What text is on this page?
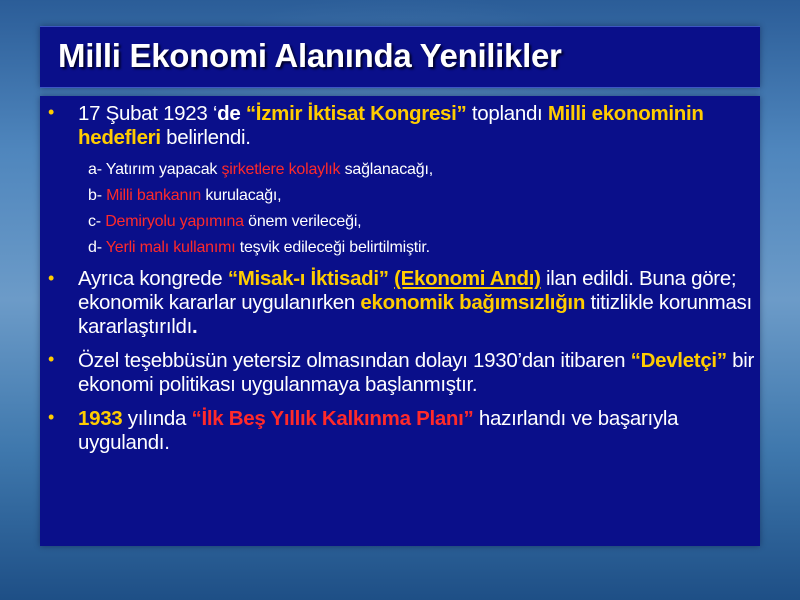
Milli Ekonomi Alanında Yenilikler
•	17 Şubat 1923 ‘de “İzmir İktisat Kongresi” toplandı Milli ekonominin hedefleri belirlendi.
a- Yatırım yapacak şirketlere kolaylık sağlanacağı,
b- Milli bankanın kurulacağı,
c- Demiryolu yapımına önem verileceği,
d- Yerli malı kullanımı teşvik edileceği belirtilmiştir.
•	Ayrıca kongrede “Misak-ı İktisadi” (Ekonomi Andı) ilan edildi. Buna göre; ekonomik kararlar uygulanırken ekonomik bağımsızlığın titizlikle korunması kararlaştırıldı.
•	Özel teşebbüsün yetersiz olmasından dolayı 1930’dan itibaren “Devletçi” bir ekonomi politikası uygulanmaya başlanmıştır.
•	1933 yılında “İlk Beş Yıllık Kalkınma Planı” hazırlandı ve başarıyla uygulandı.
